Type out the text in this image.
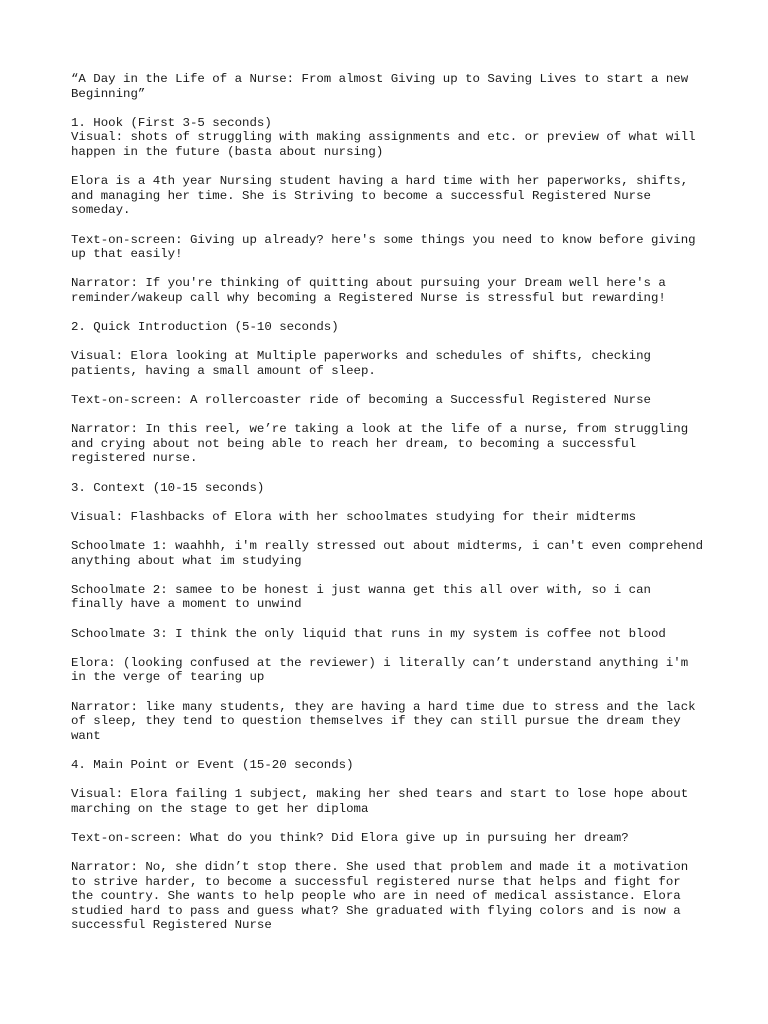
“A Day in the Life of a Nurse: From almost Giving up to Saving Lives to start a new Beginning”

1. Hook (First 3-5 seconds)
Visual: shots of struggling with making assignments and etc. or preview of what will happen in the future (basta about nursing)

Elora is a 4th year Nursing student having a hard time with her paperworks, shifts, and managing her time. She is Striving to become a successful Registered Nurse someday.

Text-on-screen: Giving up already? here's some things you need to know before giving up that easily!

Narrator: If you're thinking of quitting about pursuing your Dream well here's a reminder/wakeup call why becoming a Registered Nurse is stressful but rewarding!

2. Quick Introduction (5-10 seconds)

Visual: Elora looking at Multiple paperworks and schedules of shifts, checking patients, having a small amount of sleep.

Text-on-screen: A rollercoaster ride of becoming a Successful Registered Nurse

Narrator: In this reel, we’re taking a look at the life of a nurse, from struggling and crying about not being able to reach her dream, to becoming a successful registered nurse.

3. Context (10-15 seconds)

Visual: Flashbacks of Elora with her schoolmates studying for their midterms

Schoolmate 1: waahhh, i'm really stressed out about midterms, i can't even comprehend anything about what im studying

Schoolmate 2: samee to be honest i just wanna get this all over with, so i can finally have a moment to unwind

Schoolmate 3: I think the only liquid that runs in my system is coffee not blood

Elora: (looking confused at the reviewer) i literally can’t understand anything i'm in the verge of tearing up

Narrator: like many students, they are having a hard time due to stress and the lack of sleep, they tend to question themselves if they can still pursue the dream they want

4. Main Point or Event (15-20 seconds)

Visual: Elora failing 1 subject, making her shed tears and start to lose hope about marching on the stage to get her diploma

Text-on-screen: What do you think? Did Elora give up in pursuing her dream?

Narrator: No, she didn’t stop there. She used that problem and made it a motivation to strive harder, to become a successful registered nurse that helps and fight for the country. She wants to help people who are in need of medical assistance. Elora studied hard to pass and guess what? She graduated with flying colors and is now a successful Registered Nurse
